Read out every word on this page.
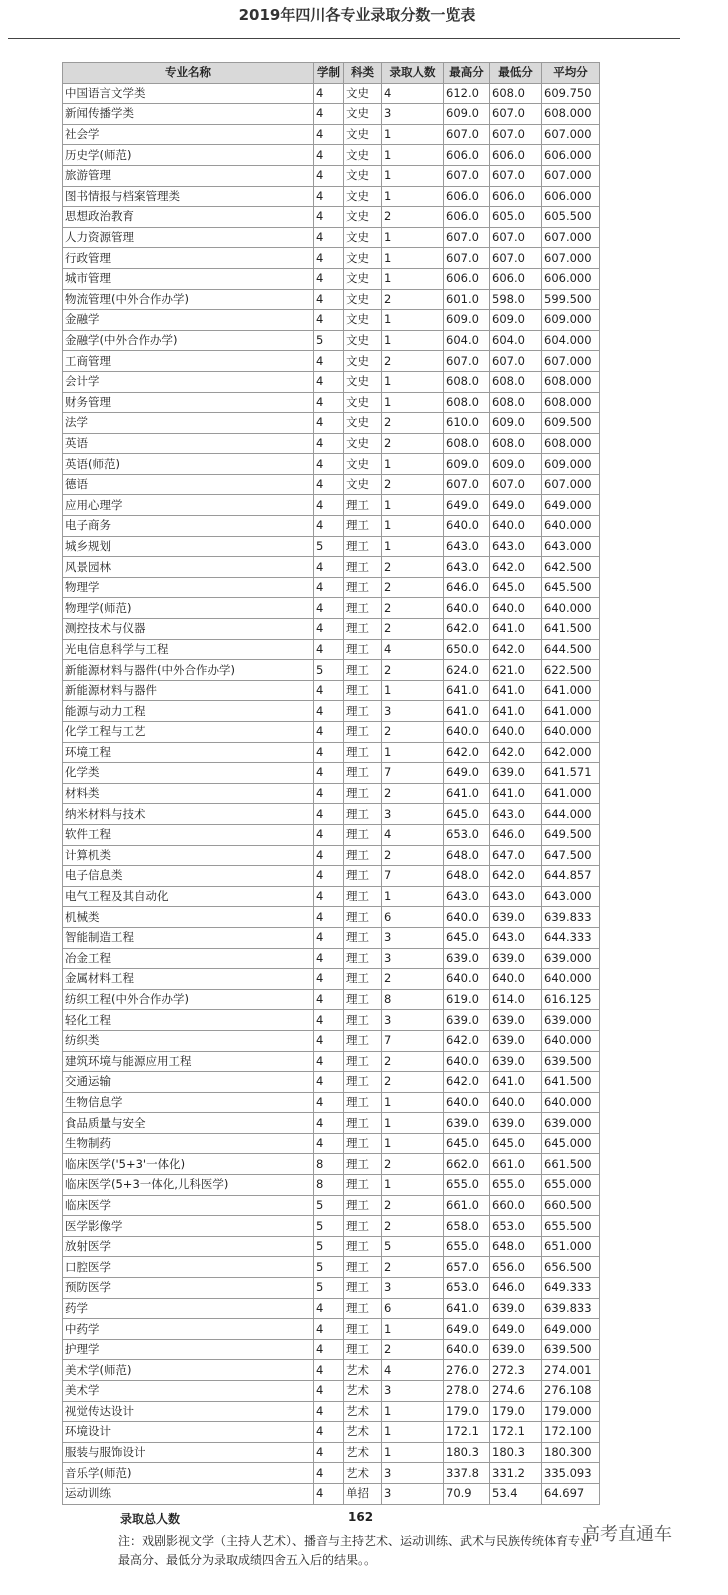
2019年四川各专业录取分数一览表
专业名称	学制	科类	录取人数	最高分	最低分	平均分
中国语言文学类	4	文史	4	612.0	608.0	609.750
新闻传播学类	4	文史	3	609.0	607.0	608.000
社会学	4	文史	1	607.0	607.0	607.000
历史学(师范)	4	文史	1	606.0	606.0	606.000
旅游管理	4	文史	1	607.0	607.0	607.000
图书情报与档案管理类	4	文史	1	606.0	606.0	606.000
思想政治教育	4	文史	2	606.0	605.0	605.500
人力资源管理	4	文史	1	607.0	607.0	607.000
行政管理	4	文史	1	607.0	607.0	607.000
城市管理	4	文史	1	606.0	606.0	606.000
物流管理(中外合作办学)	4	文史	2	601.0	598.0	599.500
金融学	4	文史	1	609.0	609.0	609.000
金融学(中外合作办学)	5	文史	1	604.0	604.0	604.000
工商管理	4	文史	2	607.0	607.0	607.000
会计学	4	文史	1	608.0	608.0	608.000
财务管理	4	文史	1	608.0	608.0	608.000
法学	4	文史	2	610.0	609.0	609.500
英语	4	文史	2	608.0	608.0	608.000
英语(师范)	4	文史	1	609.0	609.0	609.000
德语	4	文史	2	607.0	607.0	607.000
应用心理学	4	理工	1	649.0	649.0	649.000
电子商务	4	理工	1	640.0	640.0	640.000
城乡规划	5	理工	1	643.0	643.0	643.000
风景园林	4	理工	2	643.0	642.0	642.500
物理学	4	理工	2	646.0	645.0	645.500
物理学(师范)	4	理工	2	640.0	640.0	640.000
测控技术与仪器	4	理工	2	642.0	641.0	641.500
光电信息科学与工程	4	理工	4	650.0	642.0	644.500
新能源材料与器件(中外合作办学)	5	理工	2	624.0	621.0	622.500
新能源材料与器件	4	理工	1	641.0	641.0	641.000
能源与动力工程	4	理工	3	641.0	641.0	641.000
化学工程与工艺	4	理工	2	640.0	640.0	640.000
环境工程	4	理工	1	642.0	642.0	642.000
化学类	4	理工	7	649.0	639.0	641.571
材料类	4	理工	2	641.0	641.0	641.000
纳米材料与技术	4	理工	3	645.0	643.0	644.000
软件工程	4	理工	4	653.0	646.0	649.500
计算机类	4	理工	2	648.0	647.0	647.500
电子信息类	4	理工	7	648.0	642.0	644.857
电气工程及其自动化	4	理工	1	643.0	643.0	643.000
机械类	4	理工	6	640.0	639.0	639.833
智能制造工程	4	理工	3	645.0	643.0	644.333
冶金工程	4	理工	3	639.0	639.0	639.000
金属材料工程	4	理工	2	640.0	640.0	640.000
纺织工程(中外合作办学)	4	理工	8	619.0	614.0	616.125
轻化工程	4	理工	3	639.0	639.0	639.000
纺织类	4	理工	7	642.0	639.0	640.000
建筑环境与能源应用工程	4	理工	2	640.0	639.0	639.500
交通运输	4	理工	2	642.0	641.0	641.500
生物信息学	4	理工	1	640.0	640.0	640.000
食品质量与安全	4	理工	1	639.0	639.0	639.000
生物制药	4	理工	1	645.0	645.0	645.000
临床医学('5+3'一体化)	8	理工	2	662.0	661.0	661.500
临床医学(5+3一体化,儿科医学)	8	理工	1	655.0	655.0	655.000
临床医学	5	理工	2	661.0	660.0	660.500
医学影像学	5	理工	2	658.0	653.0	655.500
放射医学	5	理工	5	655.0	648.0	651.000
口腔医学	5	理工	2	657.0	656.0	656.500
预防医学	5	理工	3	653.0	646.0	649.333
药学	4	理工	6	641.0	639.0	639.833
中药学	4	理工	1	649.0	649.0	649.000
护理学	4	理工	2	640.0	639.0	639.500
美术学(师范)	4	艺术	4	276.0	272.3	274.001
美术学	4	艺术	3	278.0	274.6	276.108
视觉传达设计	4	艺术	1	179.0	179.0	179.000
环境设计	4	艺术	1	172.1	172.1	172.100
服装与服饰设计	4	艺术	1	180.3	180.3	180.300
音乐学(师范)	4	艺术	3	337.8	331.2	335.093
运动训练	4	单招	3	70.9	53.4	64.697
录取总人数	162
注：戏剧影视文学（主持人艺术）、播音与主持艺术、运动训练、武术与民族传统体育专业最高分、最低分为录取成绩四舍五入后的结果。。
高考直通车
